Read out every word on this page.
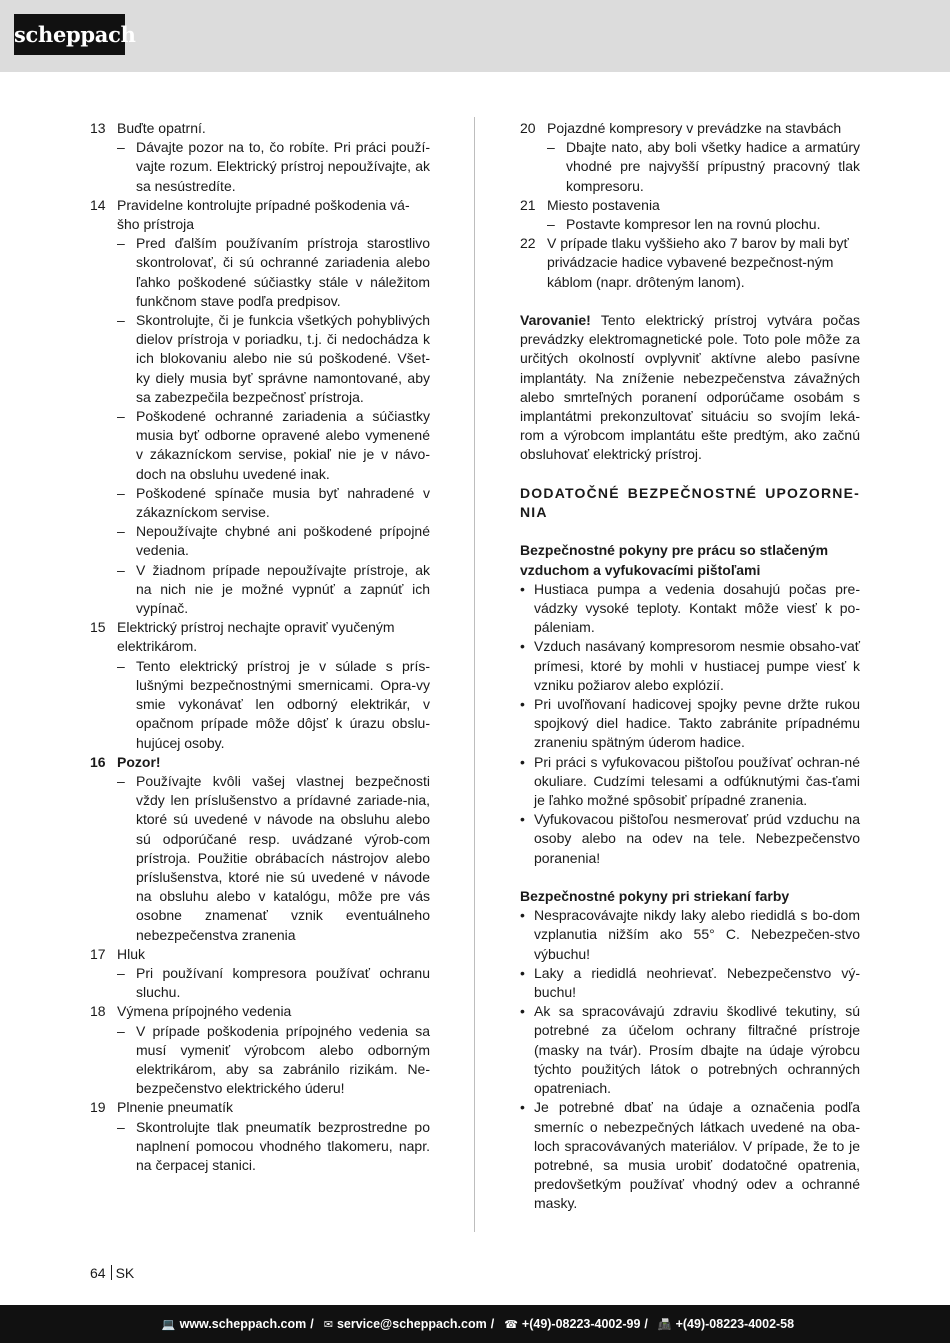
scheppach
13 Buďte opatrní.
– Dávajte pozor na to, čo robíte. Pri práci použí-vajte rozum. Elektrický prístroj nepoužívajte, ak sa nesústredíte.
14 Pravidelne kontrolujte prípadné poškodenia vá-šho prístroja
– Pred ďalším používaním prístroja starostlivo skontrolovať, či sú ochranné zariadenia alebo ľahko poškodené súčiastky stále v náležitom funkčnom stave podľa predpisov.
– Skontrolujte, či je funkcia všetkých pohyblivých dielov prístroja v poriadku, t.j. či nedochádza k ich blokovaniu alebo nie sú poškodené. Všet-ky diely musia byť správne namontované, aby sa zabezpečila bezpečnosť prístroja.
– Poškodené ochranné zariadenia a súčiastky musia byť odborne opravené alebo vymenené v zákazníckom servise, pokiaľ nie je v návo-doch na obsluhu uvedené inak.
– Poškodené spínače musia byť nahradené v zákazníckom servise.
– Nepoužívajte chybné ani poškodené prípojné vedenia.
– V žiadnom prípade nepoužívajte prístroje, ak na nich nie je možné vypnúť a zapnúť ich vypínač.
15 Elektrický prístroj nechajte opraviť vyučeným elektrikárom.
– Tento elektrický prístroj je v súlade s prís-lušnými bezpečnostnými smernicami. Opra-vy smie vykonávať len odborný elektrikár, v opačnom prípade môže dôjsť k úrazu obslu-hujúcej osoby.
16 Pozor!
– Používajte kvôli vašej vlastnej bezpečnosti vždy len príslušenstvo a prídavné zariade-nia, ktoré sú uvedené v návode na obsluhu alebo sú odporúčané resp. uvádzané výrob-com prístroja. Použitie obrábacích nástrojov alebo príslušenstva, ktoré nie sú uvedené v návode na obsluhu alebo v katalógu, môže pre vás osobne znamenať vznik eventuálneho nebezpečenstva zranenia
17 Hluk
– Pri používaní kompresora používať ochranu sluchu.
18 Výmena prípojného vedenia
– V prípade poškodenia prípojného vedenia sa musí vymeniť výrobcom alebo odborným elektrikárom, aby sa zabránilo rizikám. Ne-bezpečenstvo elektrického úderu!
19 Plnenie pneumatík
– Skontrolujte tlak pneumatík bezprostredne po naplnení pomocou vhodného tlakomeru, napr. na čerpacej stanici.
20 Pojazdné kompresory v prevádzke na stavbách
– Dbajte nato, aby boli všetky hadice a armatúry vhodné pre najvyšší prípustný pracovný tlak kompresoru.
21 Miesto postavenia
– Postavte kompresor len na rovnú plochu.
22 V prípade tlaku vyššieho ako 7 barov by mali byť privádzacie hadice vybavené bezpečnost-ným káblom (napr. drôteným lanom).
Varovanie! Tento elektrický prístroj vytvára počas prevádzky elektromagnetické pole. Toto pole môže za určitých okolností ovplyvniť aktívne alebo pasívne implantáty. Na zníženie nebezpečenstva závažných alebo smrteľných poranení odporúčame osobám s implantátmi prekonzultovať situáciu so svojím leká-rom a výrobcom implantátu ešte predtým, ako začnú obsluhovať elektrický prístroj.
DODATOČNÉ BEZPEČNOSTNÉ UPOZORNE-NIA
Bezpečnostné pokyny pre prácu so stlačeným vzduchom a vyfukovacími pištoľami
• Hustiaca pumpa a vedenia dosahujú počas pre-vádzky vysoké teploty. Kontakt môže viesť k po-páleniam.
• Vzduch nasávaný kompresorom nesmie obsaho-vať prímesi, ktoré by mohli v hustiacej pumpe viesť k vzniku požiarov alebo explózií.
• Pri uvoľňovaní hadicovej spojky pevne držte rukou spojkový diel hadice. Takto zabránite prípadnému zraneniu spätným úderom hadice.
• Pri práci s vyfukovacou pištoľou používať ochran-né okuliare. Cudzími telesami a odfúknutými čas-ťami je ľahko možné spôsobiť prípadné zranenia.
• Vyfukovacou pištoľou nesmerovať prúd vzduchu na osoby alebo na odev na tele. Nebezpečenstvo poranenia!
Bezpečnostné pokyny pri striekaní farby
• Nespracovávajte nikdy laky alebo riedidlá s bo-dom vzplanutia nižším ako 55° C. Nebezpečen-stvo výbuchu!
• Laky a riedidlá neohrievať. Nebezpečenstvo vý-buchu!
• Ak sa spracovávajú zdraviu škodlivé tekutiny, sú potrebné za účelom ochrany filtračné prístroje (masky na tvár). Prosím dbajte na údaje výrobcu týchto použitých látok o potrebných ochranných opatreniach.
• Je potrebné dbať na údaje a označenia podľa smerníc o nebezpečných látkach uvedené na oba-loch spracovávaných materiálov. V prípade, že to je potrebné, sa musia urobiť dodatočné opatrenia, predovšetkým používať vhodný odev a ochranné masky.
64 SK
💻 www.scheppach.com / ✉ service@scheppach.com / ☎ +(49)-08223-4002-99 / 📠 +(49)-08223-4002-58
